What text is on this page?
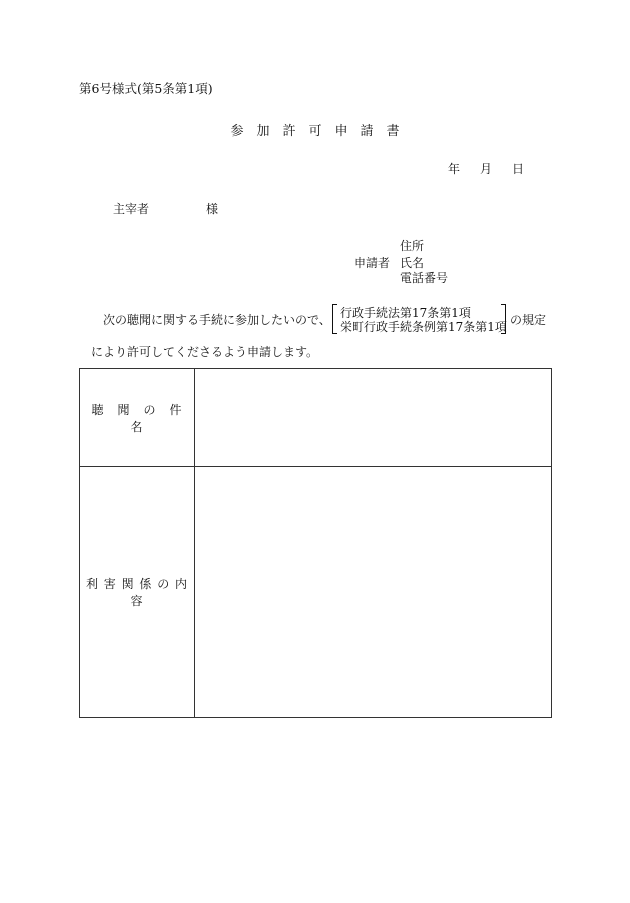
第6号様式(第5条第1項)
参　加　許　可　申　請　書
年 月 日
主宰者	様
住所
申請者 氏名
電話番号
次の聴聞に関する手続に参加したいので、 行政手続法第17条第1項
栄町行政手続条例第17条第1項 の規定
により許可してくださるよう申請します。
聴　聞　の　件　名	
利 害 関 係 の 内 容	
